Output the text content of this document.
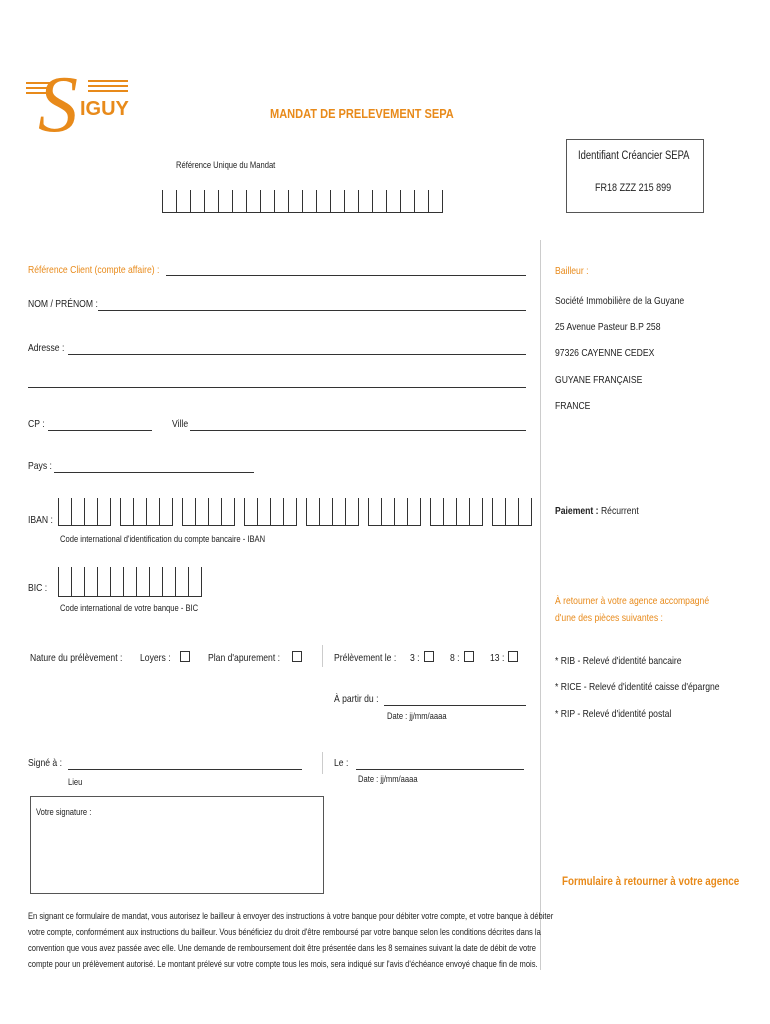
S IGUY	MANDAT DE PRELEVEMENT SEPA
Référence Unique du Mandat
Identifiant Créancier SEPA
FR18 ZZZ 215 899
Référence Client (compte affaire) :
NOM / PRÉNOM :
Adresse :
CP :	Ville
Pays :
Bailleur :
Société Immobilière de la Guyane
25 Avenue Pasteur B.P 258
97326 CAYENNE CEDEX
GUYANE FRANÇAISE
FRANCE
IBAN :
Code international d'identification du compte bancaire - IBAN
Paiement : Récurrent
BIC :
Code international de votre banque - BIC
À retourner à votre agence accompagné
d'une des pièces suivantes :
* RIB - Relevé d'identité bancaire
* RICE - Relevé d'identité caisse d'épargne
* RIP - Relevé d'identité postal
Nature du prélèvement : Loyers :	Plan d'apurement :	Prélèvement le : 3 :	8 :	13 :
À partir du :
Date : jj/mm/aaaa
Signé à :
Lieu
Le :
Date : jj/mm/aaaa
Votre signature :
Formulaire à retourner à votre agence
En signant ce formulaire de mandat, vous autorisez le bailleur à envoyer des instructions à votre banque pour débiter votre compte, et votre banque à débiter
votre compte, conformément aux instructions du bailleur. Vous bénéficiez du droit d'être remboursé par votre banque selon les conditions décrites dans la
convention que vous avez passée avec elle. Une demande de remboursement doit être présentée dans les 8 semaines suivant la date de débit de votre
compte pour un prélèvement autorisé. Le montant prélevé sur votre compte tous les mois, sera indiqué sur l'avis d'échéance envoyé chaque fin de mois.
